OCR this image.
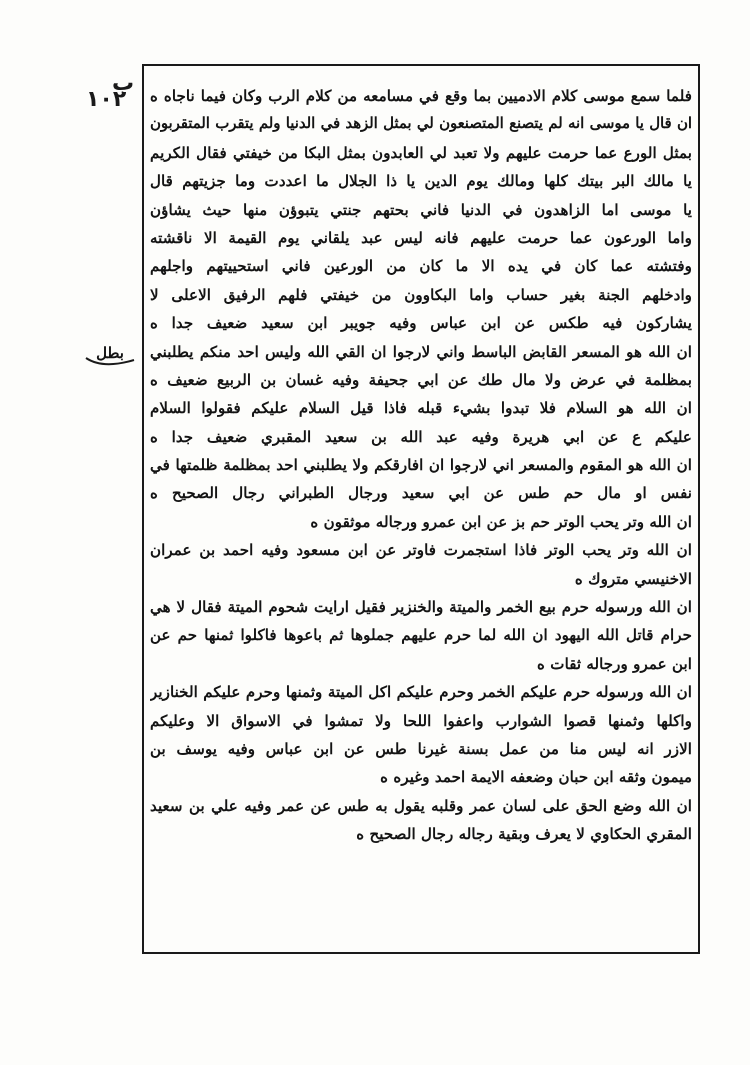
ب
١٠٢
بطل
فلما سمع موسى كلام الادميين بما وقع في مسامعه من كلام الرب وكان فيما ناجاه ه
ان قال يا موسى انه لم يتصنع المتصنعون لي بمثل الزهد في الدنيا ولم يتقرب المتقربون
بمثل الورع عما حرمت عليهم ولا تعبد لي العابدون بمثل البكا من خيفتي فقال الكريم
يا مالك البر بيتك كلها ومالك يوم الدين يا ذا الجلال ما اعددت وما جزيتهم قال
يا موسى اما الزاهدون في الدنيا فاني بحتهم جنتي يتبوؤن منها حيث يشاؤن
واما الورعون عما حرمت عليهم فانه ليس عبد يلقاني يوم القيمة الا ناقشته
وفتشته عما كان في يده الا ما كان من الورعين فاني استحييتهم واجلهم
وادخلهم الجنة بغير حساب واما البكاوون من خيفتي فلهم الرفيق الاعلى لا
يشاركون فيه طكس عن ابن عباس وفيه جويبر ابن سعيد ضعيف جدا ه
ان الله هو المسعر القابض الباسط واني لارجوا ان القي الله وليس احد منكم يطلبني
بمظلمة في عرض ولا مال طك عن ابي جحيفة وفيه غسان بن الربيع ضعيف ه
ان الله هو السلام فلا تبدوا بشيء قبله فاذا قيل السلام عليكم فقولوا السلام
عليكم ع عن ابي هريرة وفيه عبد الله بن سعيد المقبري ضعيف جدا ه
ان الله هو المقوم والمسعر اني لارجوا ان افارقكم ولا يطلبني احد بمظلمة ظلمتها في
نفس او مال حم طس عن ابي سعيد ورجال الطبراني رجال الصحيح ه
ان الله وتر يحب الوتر حم بز عن ابن عمرو ورجاله موثقون ه
ان الله وتر يحب الوتر فاذا استجمرت فاوتر عن ابن مسعود وفيه احمد بن عمران
الاخنيسي متروك ه
ان الله ورسوله حرم بيع الخمر والميتة والخنزير فقيل ارايت شحوم الميتة فقال لا هي
حرام قاتل الله اليهود ان الله لما حرم عليهم جملوها ثم باعوها فاكلوا ثمنها حم عن
ابن عمرو ورجاله ثقات ه
ان الله ورسوله حرم عليكم الخمر وحرم عليكم اكل الميتة وثمنها وحرم عليكم الخنازير
واكلها وثمنها قصوا الشوارب واعفوا اللحا ولا تمشوا في الاسواق الا وعليكم
الازر انه ليس منا من عمل بسنة غيرنا طس عن ابن عباس وفيه يوسف بن
ميمون وثقه ابن حبان وضعفه الايمة احمد وغيره ه
ان الله وضع الحق على لسان عمر وقلبه يقول به طس عن عمر وفيه علي بن سعيد
المقري الحكاوي لا يعرف وبقية رجاله رجال الصحيح ه
